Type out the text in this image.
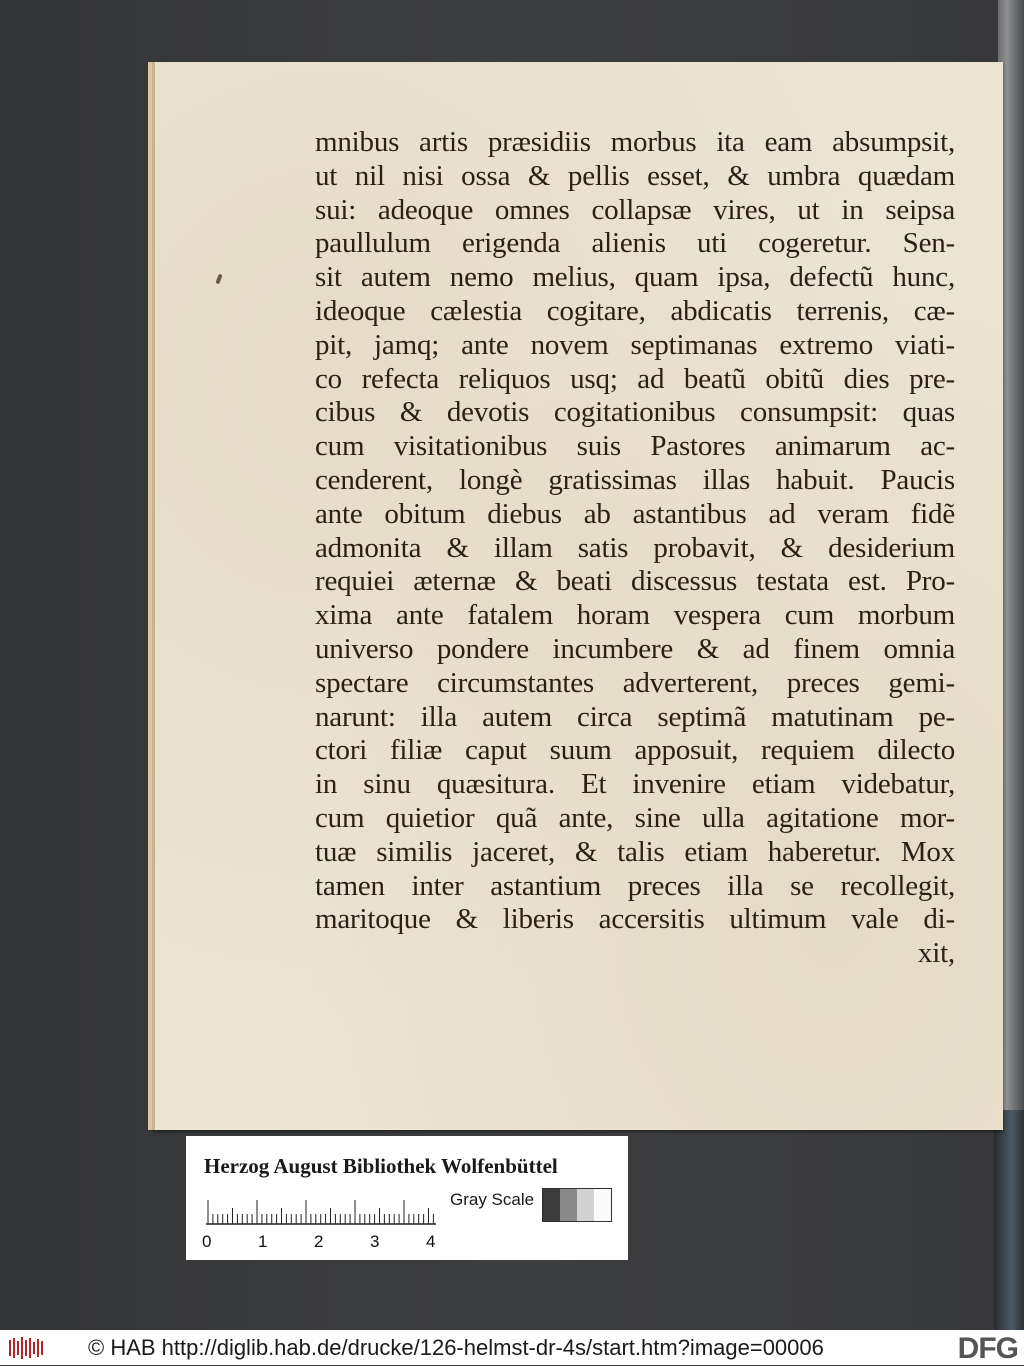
mnibus artis præsidiis morbus ita eam absumpsit,
ut nil nisi ossa & pellis esset, & umbra quædam
sui: adeoque omnes collapsæ vires, ut in seipsa
paullulum erigenda alienis uti cogeretur. Sen-
sit autem nemo melius, quam ipsa, defectũ hunc,
ideoque cælestia cogitare, abdicatis terrenis, cæ-
pit, jamq; ante novem septimanas extremo viati-
co refecta reliquos usq; ad beatũ obitũ dies pre-
cibus & devotis cogitationibus consumpsit: quas
cum visitationibus suis Pastores animarum ac-
cenderent, longè gratissimas illas habuit. Paucis
ante obitum diebus ab astantibus ad veram fidẽ
admonita & illam satis probavit, & desiderium
requiei æternæ & beati discessus testata est. Pro-
xima ante fatalem horam vespera cum morbum
universo pondere incumbere & ad finem omnia
spectare circumstantes adverterent, preces gemi-
narunt: illa autem circa septimã matutinam pe-
ctori filiæ caput suum apposuit, requiem dilecto
in sinu quæsitura. Et invenire etiam videbatur,
cum quietior quã ante, sine ulla agitatione mor-
tuæ similis jaceret, & talis etiam haberetur. Mox
tamen inter astantium preces illa se recollegit,
maritoque & liberis accersitis ultimum vale di-
xit,
Herzog August Bibliothek Wolfenbüttel
0	1	2	3	4
Gray Scale
© HAB http://diglib.hab.de/drucke/126-helmst-dr-4s/start.htm?image=00006	DFG
